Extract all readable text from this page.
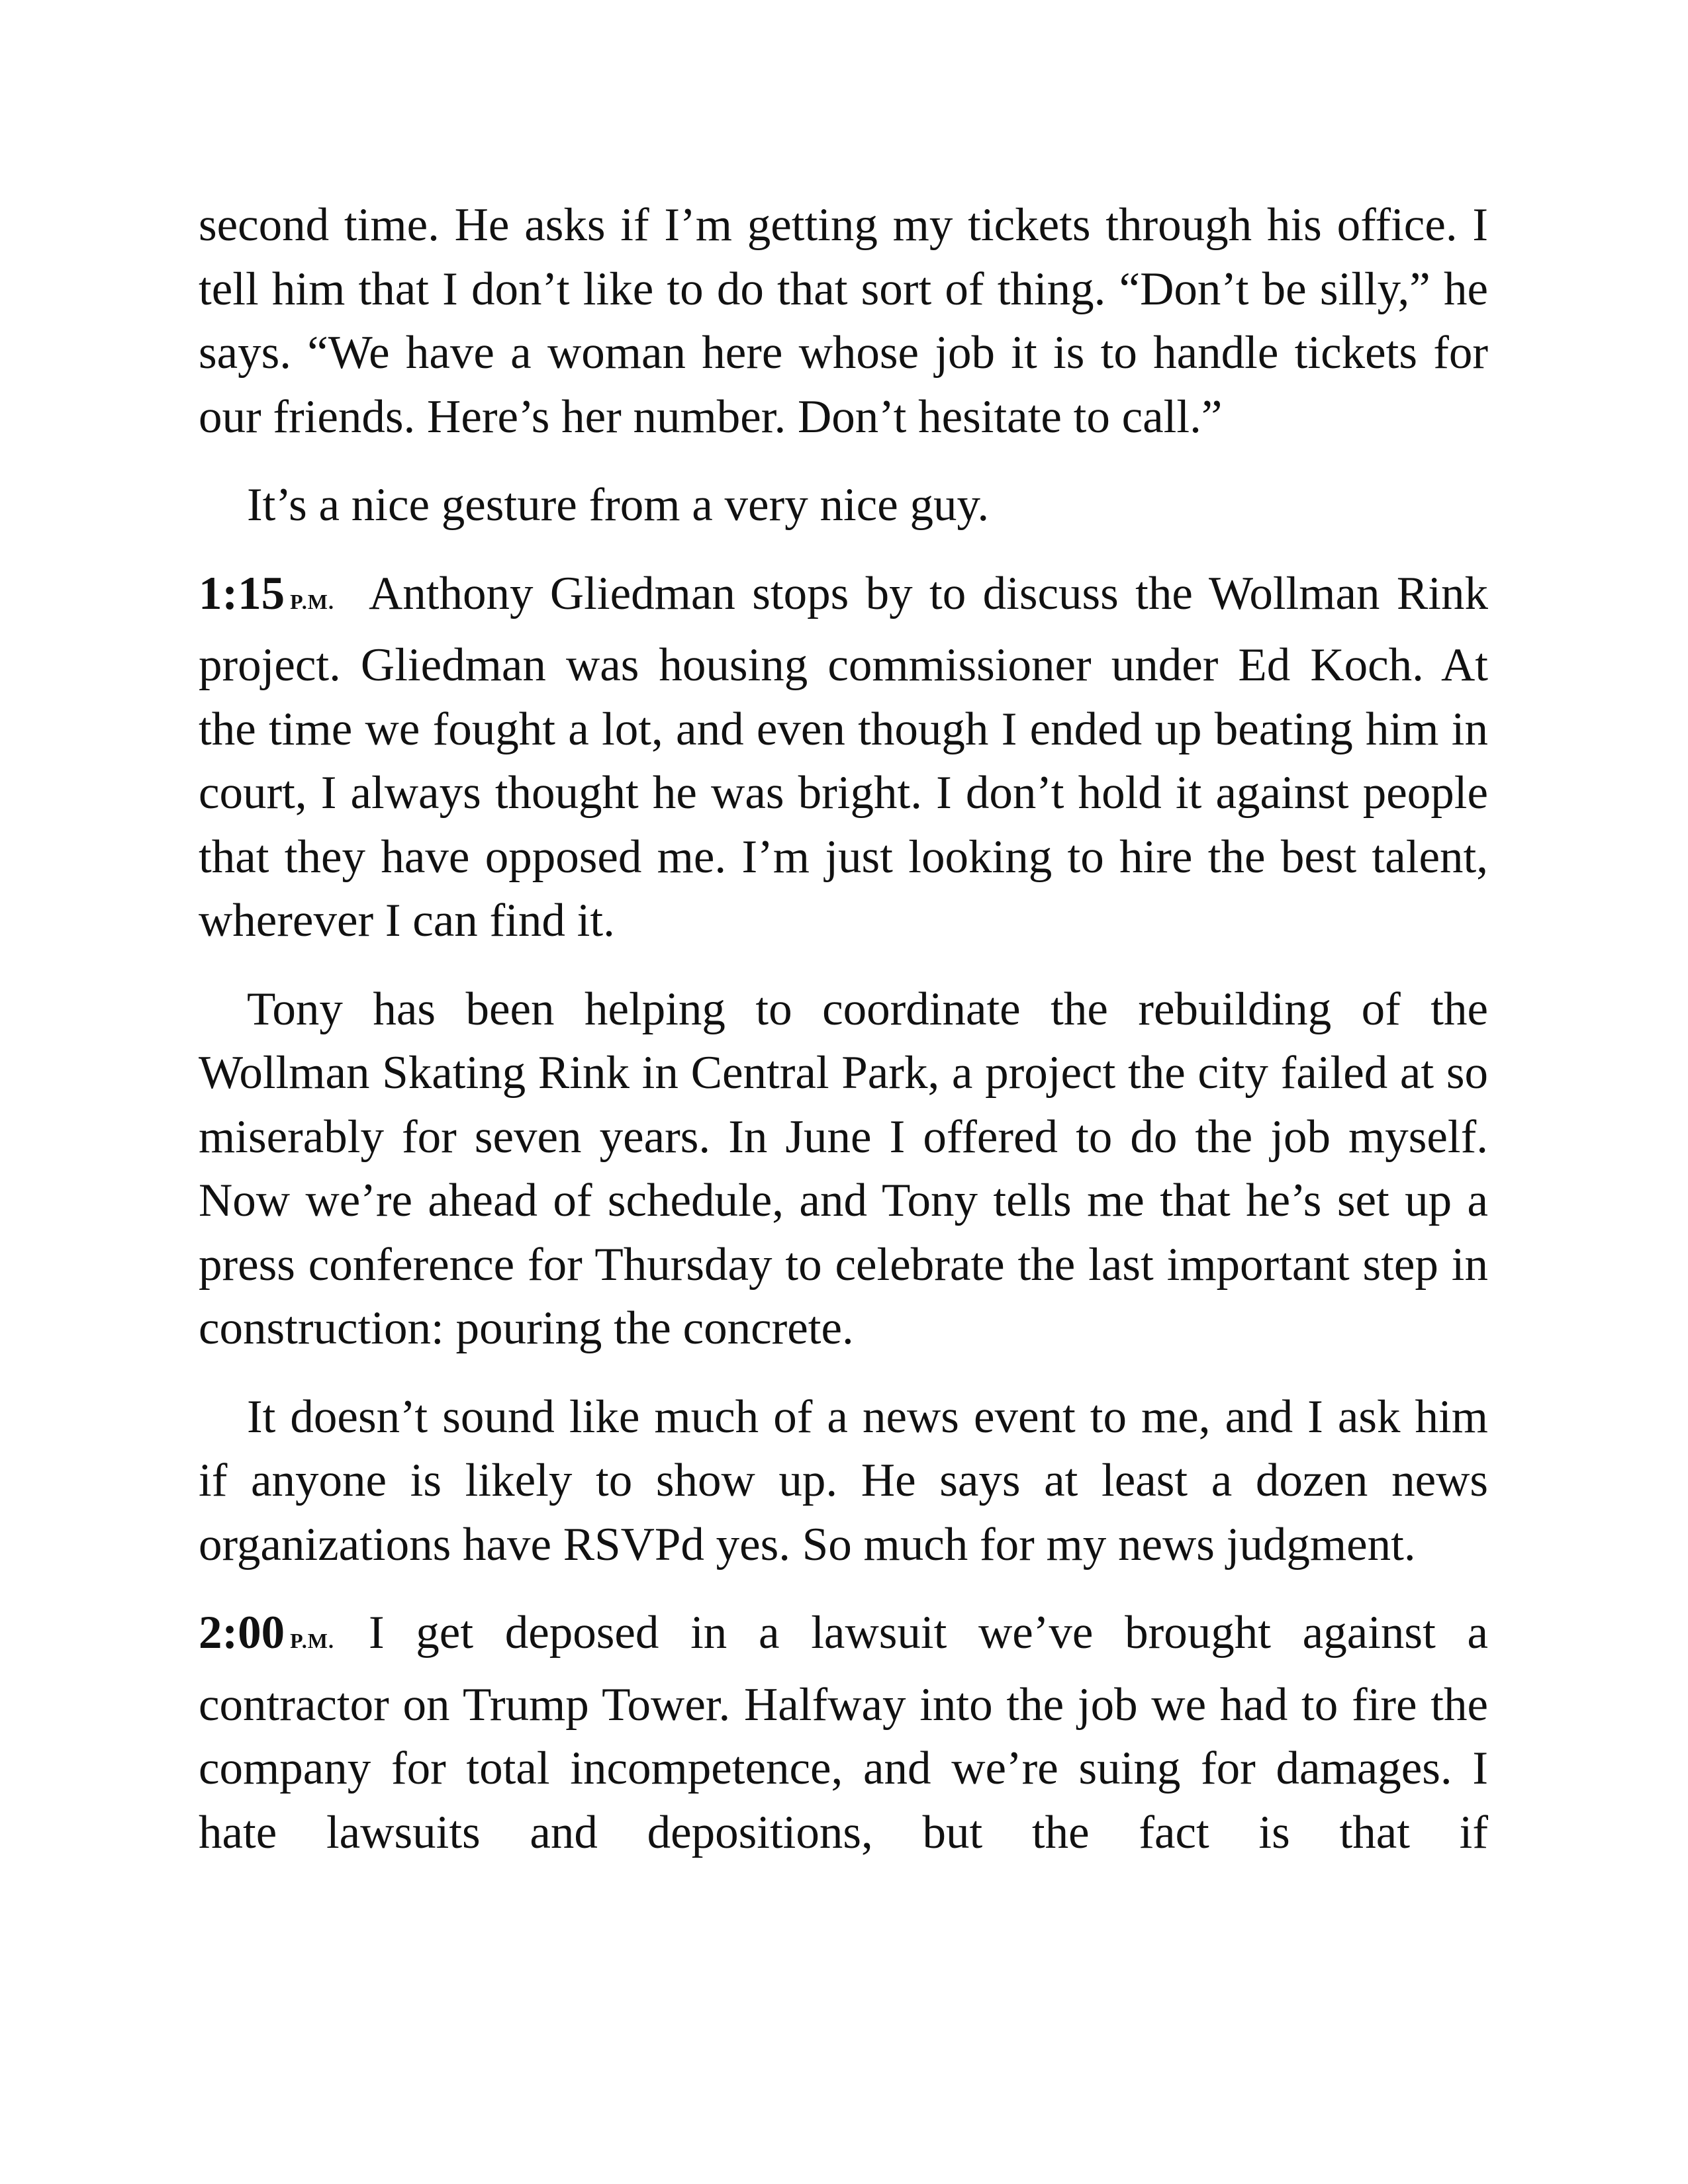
second time. He asks if I’m getting my tickets through his office. I tell him that I don’t like to do that sort of thing. “Don’t be silly,” he says. “We have a woman here whose job it is to handle tickets for our friends. Here’s her number. Don’t hesitate to call.”

It’s a nice gesture from a very nice guy.

1:15 P.M. Anthony Gliedman stops by to discuss the Wollman Rink project. Gliedman was housing commissioner under Ed Koch. At the time we fought a lot, and even though I ended up beating him in court, I always thought he was bright. I don’t hold it against people that they have opposed me. I’m just looking to hire the best talent, wherever I can find it.

Tony has been helping to coordinate the rebuilding of the Wollman Skating Rink in Central Park, a project the city failed at so miserably for seven years. In June I offered to do the job myself. Now we’re ahead of schedule, and Tony tells me that he’s set up a press conference for Thursday to celebrate the last important step in construction: pouring the concrete.

It doesn’t sound like much of a news event to me, and I ask him if anyone is likely to show up. He says at least a dozen news organizations have RSVPd yes. So much for my news judgment.

2:00 P.M. I get deposed in a lawsuit we’ve brought against a contractor on Trump Tower. Halfway into the job we had to fire the company for total incompetence, and we’re suing for damages. I hate lawsuits and depositions, but the fact is that if
